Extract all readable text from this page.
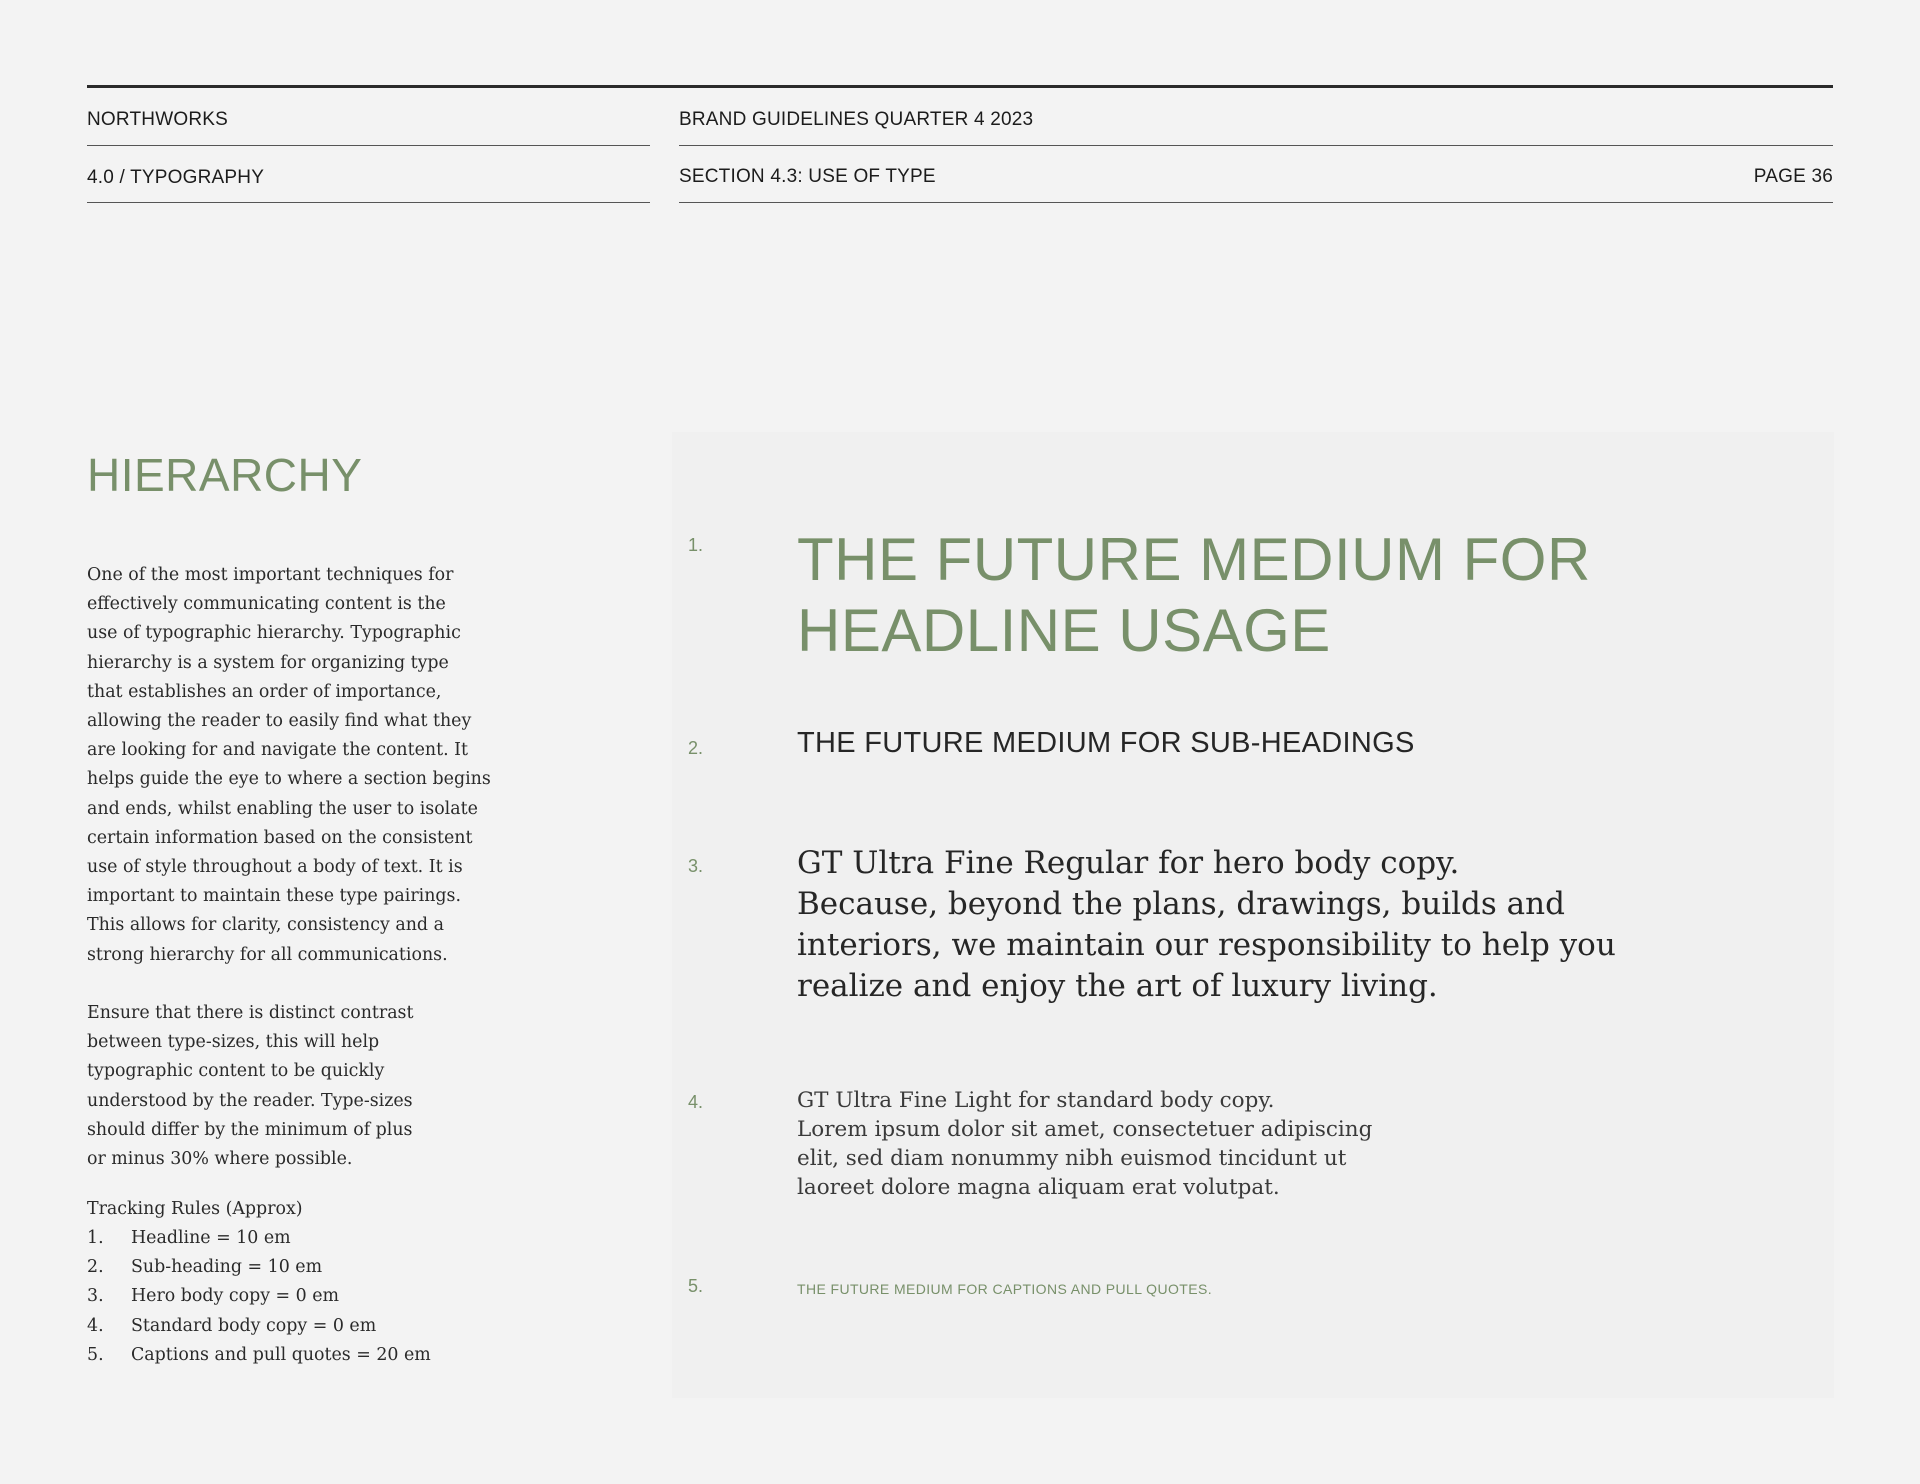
NORTHWORKS	BRAND GUIDELINES QUARTER 4 2023
4.0 / TYPOGRAPHY	SECTION 4.3: USE OF TYPE	PAGE 36
HIERARCHY

One of the most important techniques for
effectively communicating content is the
use of typographic hierarchy. Typographic
hierarchy is a system for organizing type
that establishes an order of importance,
allowing the reader to easily find what they
are looking for and navigate the content. It
helps guide the eye to where a section begins
and ends, whilst enabling the user to isolate
certain information based on the consistent
use of style throughout a body of text. It is
important to maintain these type pairings.
This allows for clarity, consistency and a
strong hierarchy for all communications.

Ensure that there is distinct contrast
between type-sizes, this will help
typographic content to be quickly
understood by the reader. Type-sizes
should differ by the minimum of plus
or minus 30% where possible.

Tracking Rules (Approx)

1.	Headline = 10 em
2.	Sub-heading = 10 em
3.	Hero body copy = 0 em
4.	Standard body copy = 0 em
5.	Captions and pull quotes = 20 em
1. THE FUTURE MEDIUM FOR
HEADLINE USAGE
2.	THE FUTURE MEDIUM FOR SUB-HEADINGS
3.	GT Ultra Fine Regular for hero body copy.
Because, beyond the plans, drawings, builds and
interiors, we maintain our responsibility to help you
realize and enjoy the art of luxury living.
4.	GT Ultra Fine Light for standard body copy.
Lorem ipsum dolor sit amet, consectetuer adipiscing
elit, sed diam nonummy nibh euismod tincidunt ut
laoreet dolore magna aliquam erat volutpat.
5.	THE FUTURE MEDIUM FOR CAPTIONS AND PULL QUOTES.
